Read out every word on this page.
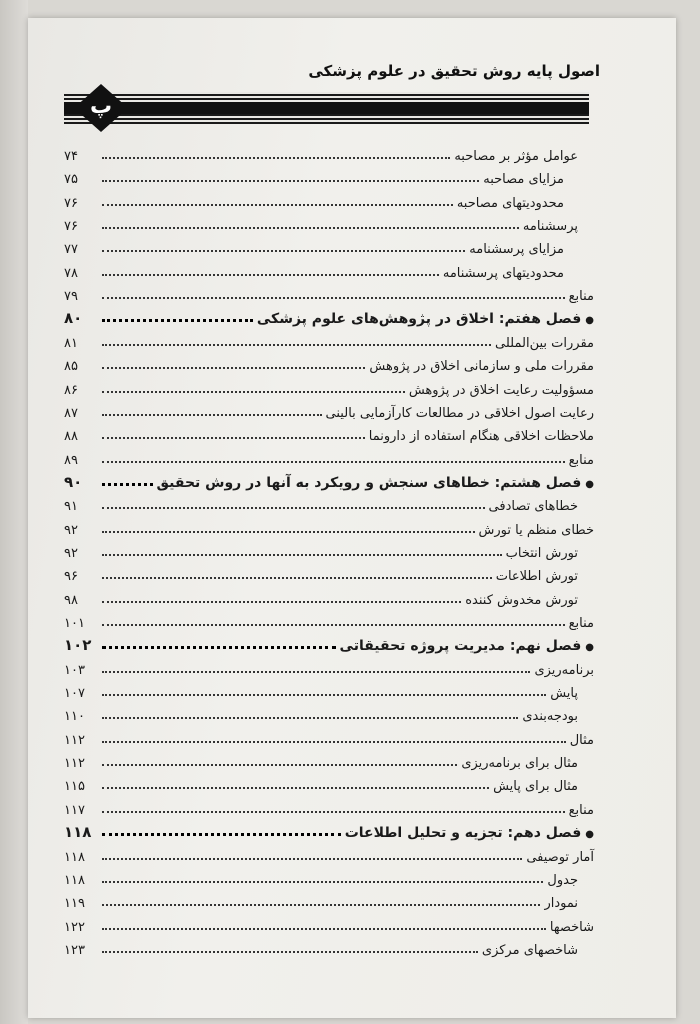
اصول پایه روش تحقیق در علوم پزشکی
پ
عوامل مؤثر بر مصاحبه
۷۴
مزایای مصاحبه
۷۵
محدودیتهای مصاحبه
۷۶
پرسشنامه
۷۶
مزایای پرسشنامه
۷۷
محدودیتهای پرسشنامه
۷۸
منابع
۷۹
●فصل هفتم: اخلاق در پژوهش‌های علوم پزشکی
۸۰
مقررات بین‌المللی
۸۱
مقررات ملی و سازمانی اخلاق در پژوهش
۸۵
مسؤولیت رعایت اخلاق در پژوهش
۸۶
رعایت اصول اخلاقی در مطالعات کارآزمایی بالینی
۸۷
ملاحظات اخلاقی هنگام استفاده از دارونما
۸۸
منابع
۸۹
●فصل هشتم: خطاهای سنجش و رویکرد به آنها در روش تحقیق
۹۰
خطاهای تصادفی
۹۱
خطای منظم یا تورش
۹۲
تورش انتخاب
۹۲
تورش اطلاعات
۹۶
تورش مخدوش کننده
۹۸
منابع
۱۰۱
●فصل نهم: مدیریت پروژه تحقیقاتی
۱۰۲
برنامه‌ریزی
۱۰۳
پایش
۱۰۷
بودجه‌بندی
۱۱۰
مثال
۱۱۲
مثال برای برنامه‌ریزی
۱۱۲
مثال برای پایش
۱۱۵
منابع
۱۱۷
●فصل دهم: تجزیه و تحلیل اطلاعات
۱۱۸
آمار توصیفی
۱۱۸
جدول
۱۱۸
نمودار
۱۱۹
شاخصها
۱۲۲
شاخصهای مرکزی
۱۲۳
